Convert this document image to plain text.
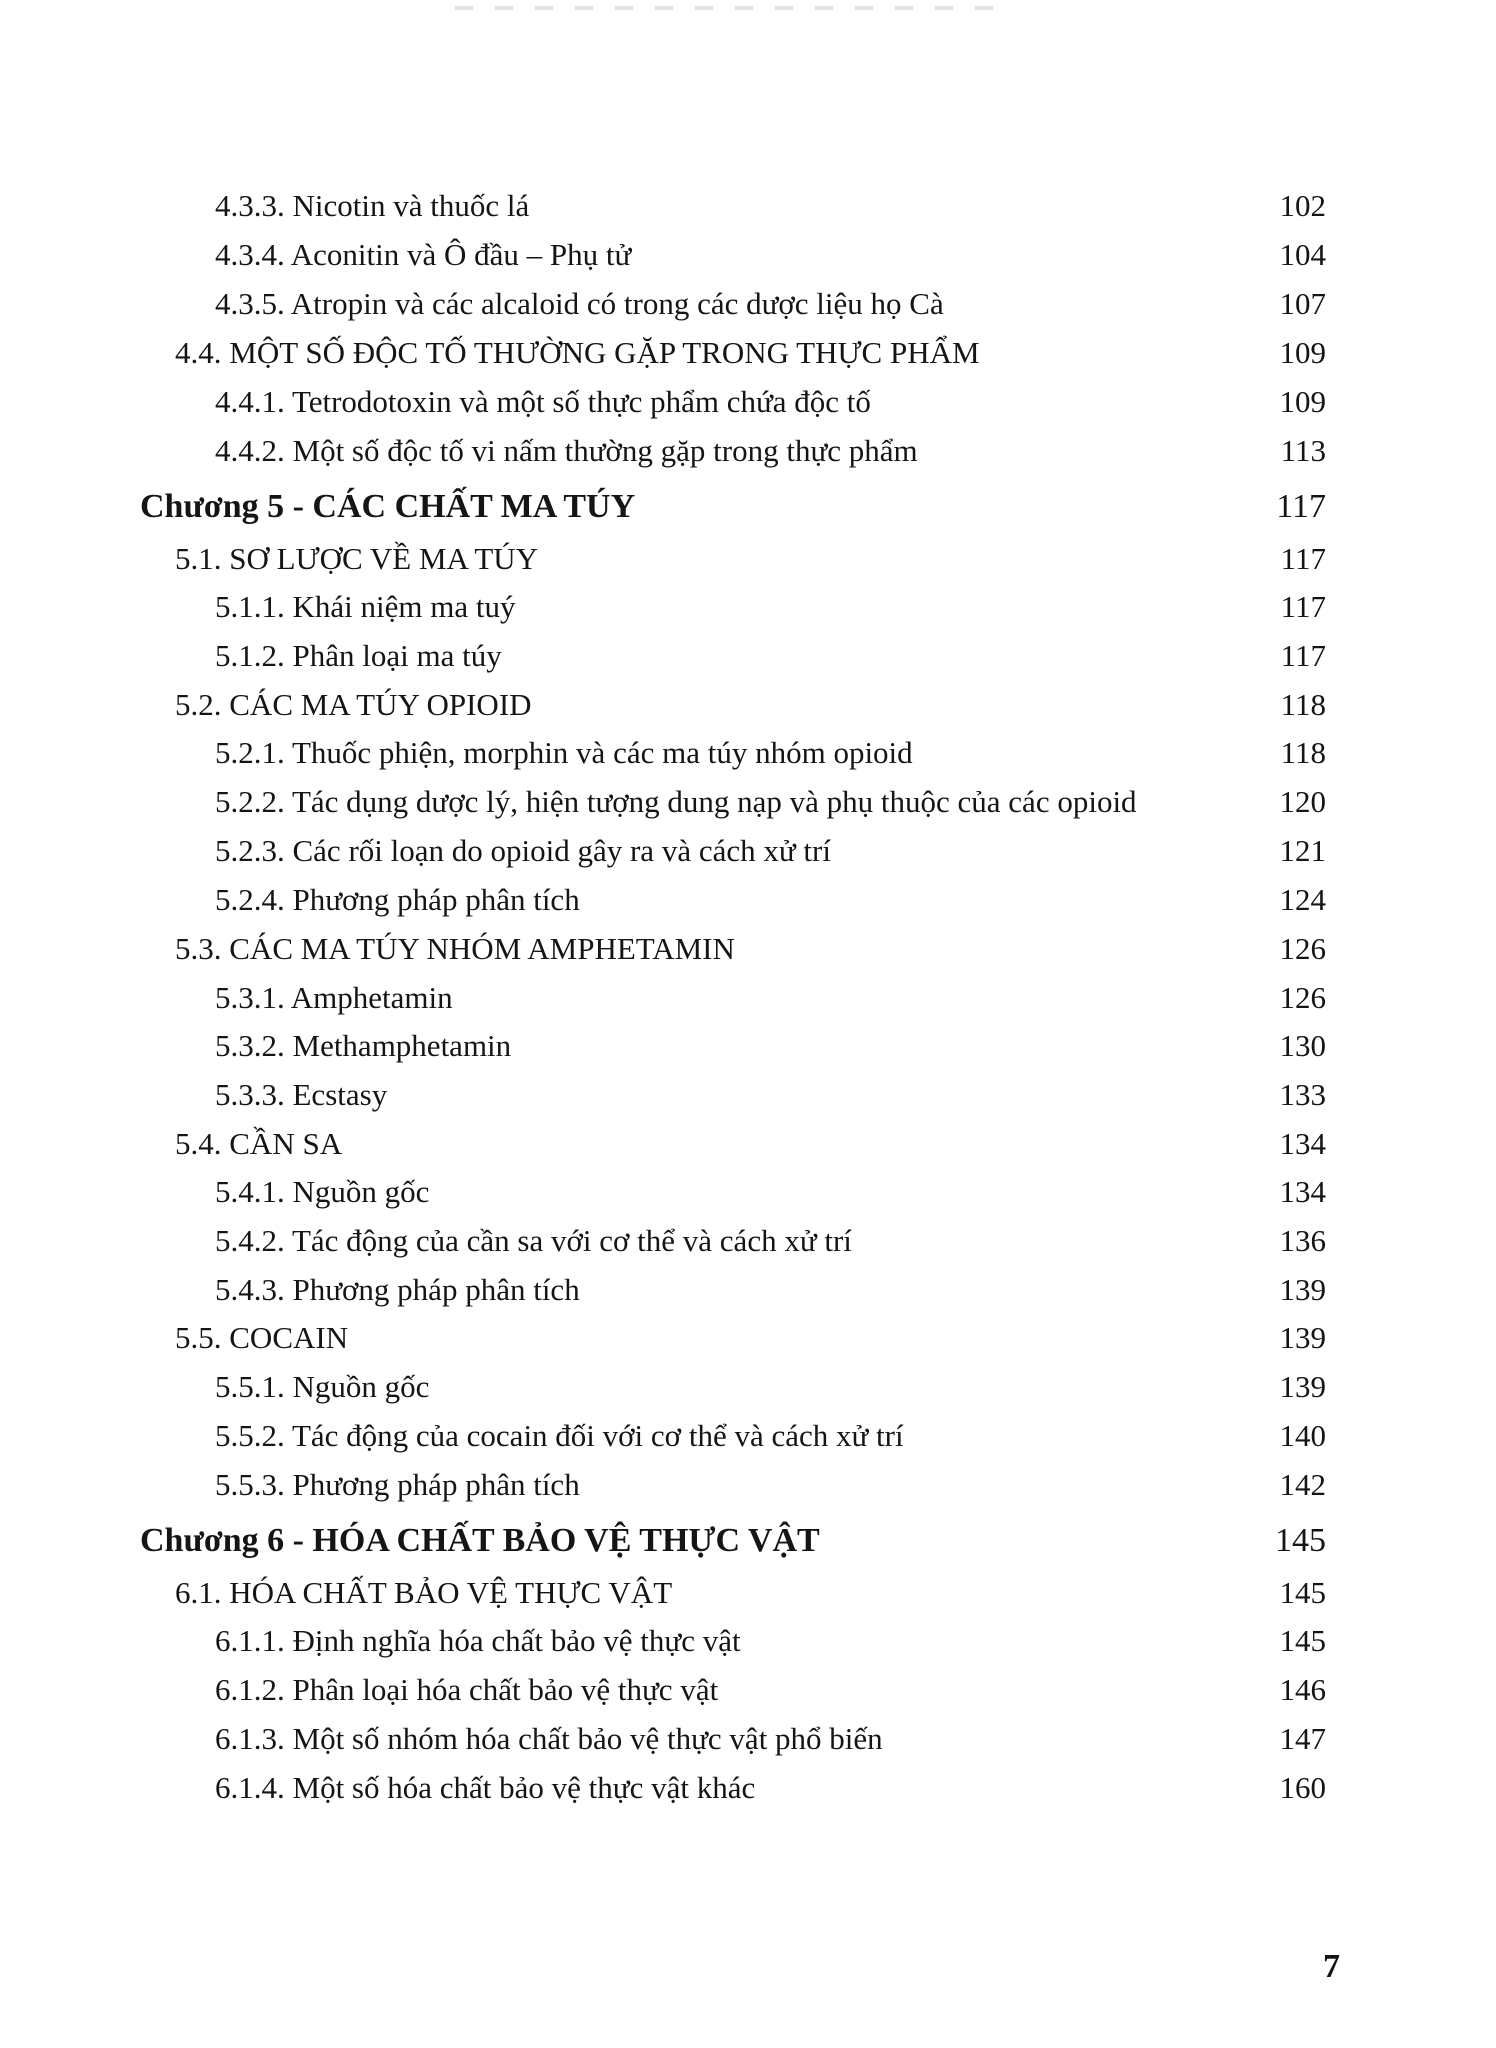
4.3.3. Nicotin và thuốc lá	102
4.3.4. Aconitin và Ô đầu – Phụ tử	104
4.3.5. Atropin và các alcaloid có trong các dược liệu họ Cà	107
4.4. MỘT SỐ ĐỘC TỐ THƯỜNG GẶP TRONG THỰC PHẨM	109
4.4.1. Tetrodotoxin và một số thực phẩm chứa độc tố	109
4.4.2. Một số độc tố vi nấm thường gặp trong thực phẩm	113
Chương 5 - CÁC CHẤT MA TÚY	117
5.1. SƠ LƯỢC VỀ MA TÚY	117
5.1.1. Khái niệm ma tuý	117
5.1.2. Phân loại ma túy	117
5.2. CÁC MA TÚY OPIOID	118
5.2.1. Thuốc phiện, morphin và các ma túy nhóm opioid	118
5.2.2. Tác dụng dược lý, hiện tượng dung nạp và phụ thuộc của các opioid	120
5.2.3. Các rối loạn do opioid gây ra và cách xử trí	121
5.2.4. Phương pháp phân tích	124
5.3. CÁC MA TÚY NHÓM AMPHETAMIN	126
5.3.1. Amphetamin	126
5.3.2. Methamphetamin	130
5.3.3. Ecstasy	133
5.4. CẦN SA	134
5.4.1. Nguồn gốc	134
5.4.2. Tác động của cần sa với cơ thể và cách xử trí	136
5.4.3. Phương pháp phân tích	139
5.5. COCAIN	139
5.5.1. Nguồn gốc	139
5.5.2. Tác động của cocain đối với cơ thể và cách xử trí	140
5.5.3. Phương pháp phân tích	142
Chương 6 - HÓA CHẤT BẢO VỆ THỰC VẬT	145
6.1. HÓA CHẤT BẢO VỆ THỰC VẬT	145
6.1.1. Định nghĩa hóa chất bảo vệ thực vật	145
6.1.2. Phân loại hóa chất bảo vệ thực vật	146
6.1.3. Một số nhóm hóa chất bảo vệ thực vật phổ biến	147
6.1.4. Một số hóa chất bảo vệ thực vật khác	160
7
